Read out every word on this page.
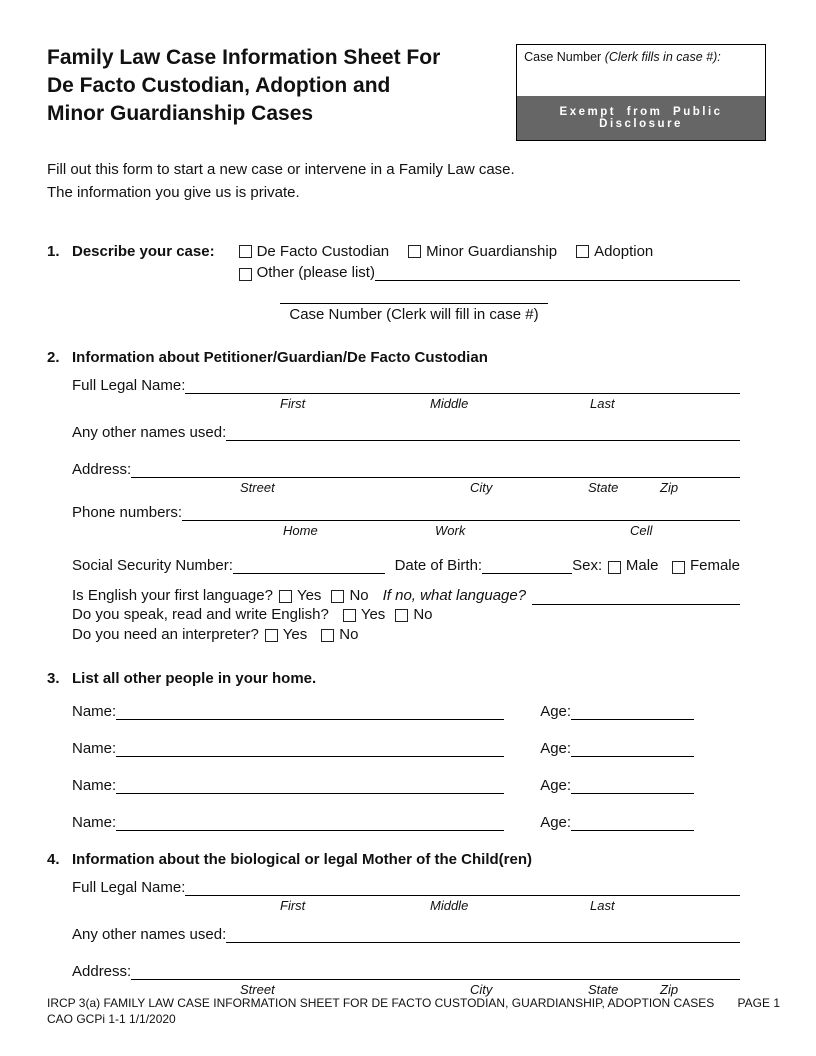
Family Law Case Information Sheet For
De Facto Custodian, Adoption and
Minor Guardianship Cases
Case Number (Clerk fills in case #):
Exempt from Public Disclosure
Fill out this form to start a new case or intervene in a Family Law case.
The information you give us is private.
1. Describe your case:	De Facto Custodian	Minor Guardianship	Adoption
Other (please list)
Case Number (Clerk will fill in case #)
2. Information about Petitioner/Guardian/De Facto Custodian
Full Legal Name:
First	Middle	Last
Any other names used:
Address:
Street	City	State	Zip
Phone numbers:
Home	Work	Cell
Social Security Number:	Date of Birth:	Sex: Male Female
Is English your first language? Yes No If no, what language?
Do you speak, read and write English? Yes No
Do you need an interpreter? Yes No
3. List all other people in your home.
Name:	Age:
Name:	Age:
Name:	Age:
Name:	Age:
4. Information about the biological or legal Mother of the Child(ren)
Full Legal Name:
First	Middle	Last
Any other names used:
Address:
Street	City	State	Zip
IRCP 3(a) FAMILY LAW CASE INFORMATION SHEET FOR DE FACTO CUSTODIAN, GUARDIANSHIP, ADOPTION CASES PAGE 1
CAO GCPi 1-1 1/1/2020
